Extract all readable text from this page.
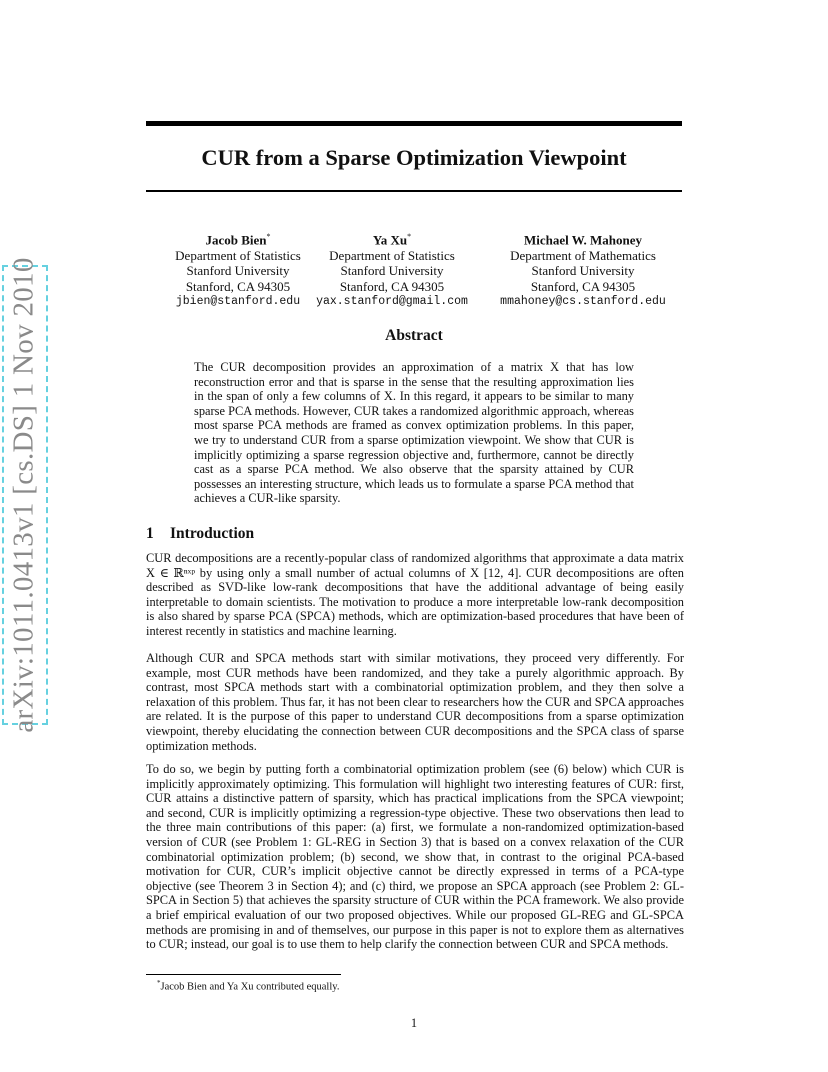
arXiv:1011.0413v1 [cs.DS] 1 Nov 2010
CUR from a Sparse Optimization Viewpoint
Jacob Bien*
Department of Statistics
Stanford University
Stanford, CA 94305
jbien@stanford.edu
Ya Xu*
Department of Statistics
Stanford University
Stanford, CA 94305
yax.stanford@gmail.com
Michael W. Mahoney
Department of Mathematics
Stanford University
Stanford, CA 94305
mmahoney@cs.stanford.edu
Abstract
The CUR decomposition provides an approximation of a matrix X that has low reconstruction error and that is sparse in the sense that the resulting approximation lies in the span of only a few columns of X. In this regard, it appears to be similar to many sparse PCA methods. However, CUR takes a randomized algorithmic approach, whereas most sparse PCA methods are framed as convex optimization problems. In this paper, we try to understand CUR from a sparse optimization viewpoint. We show that CUR is implicitly optimizing a sparse regression objective and, furthermore, cannot be directly cast as a sparse PCA method. We also observe that the sparsity attained by CUR possesses an interesting structure, which leads us to formulate a sparse PCA method that achieves a CUR-like sparsity.
1 Introduction
CUR decompositions are a recently-popular class of randomized algorithms that approximate a data matrix X ∈ ℝⁿˣᵖ by using only a small number of actual columns of X [12, 4]. CUR decompositions are often described as SVD-like low-rank decompositions that have the additional advantage of being easily interpretable to domain scientists. The motivation to produce a more interpretable low-rank decomposition is also shared by sparse PCA (SPCA) methods, which are optimization-based procedures that have been of interest recently in statistics and machine learning.
Although CUR and SPCA methods start with similar motivations, they proceed very differently. For example, most CUR methods have been randomized, and they take a purely algorithmic approach. By contrast, most SPCA methods start with a combinatorial optimization problem, and they then solve a relaxation of this problem. Thus far, it has not been clear to researchers how the CUR and SPCA approaches are related. It is the purpose of this paper to understand CUR decompositions from a sparse optimization viewpoint, thereby elucidating the connection between CUR decompositions and the SPCA class of sparse optimization methods.
To do so, we begin by putting forth a combinatorial optimization problem (see (6) below) which CUR is implicitly approximately optimizing. This formulation will highlight two interesting features of CUR: first, CUR attains a distinctive pattern of sparsity, which has practical implications from the SPCA viewpoint; and second, CUR is implicitly optimizing a regression-type objective. These two observations then lead to the three main contributions of this paper: (a) first, we formulate a non-randomized optimization-based version of CUR (see Problem 1: GL-REG in Section 3) that is based on a convex relaxation of the CUR combinatorial optimization problem; (b) second, we show that, in contrast to the original PCA-based motivation for CUR, CUR’s implicit objective cannot be directly expressed in terms of a PCA-type objective (see Theorem 3 in Section 4); and (c) third, we propose an SPCA approach (see Problem 2: GL-SPCA in Section 5) that achieves the sparsity structure of CUR within the PCA framework. We also provide a brief empirical evaluation of our two proposed objectives. While our proposed GL-REG and GL-SPCA methods are promising in and of themselves, our purpose in this paper is not to explore them as alternatives to CUR; instead, our goal is to use them to help clarify the connection between CUR and SPCA methods.
*Jacob Bien and Ya Xu contributed equally.
1
